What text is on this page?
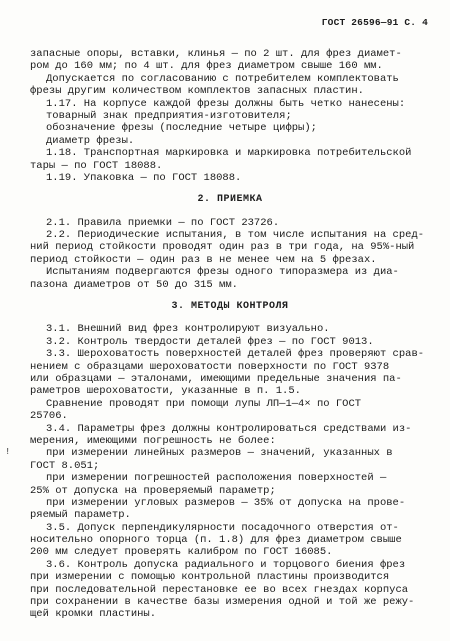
ГОСТ 26596—91 С. 4
!
запасные опоры, вставки, клинья — по 2 шт. для фрез диамет-
ром до 160 мм; по 4 шт. для фрез диаметром свыше 160 мм.
Допускается по согласованию с потребителем комплектовать
фрезы другим количеством комплектов запасных пластин.
1.17. На корпусе каждой фрезы должны быть четко нанесены:
товарный знак предприятия-изготовителя;
обозначение фрезы (последние четыре цифры);
диаметр фрезы.
1.18. Транспортная маркировка и маркировка потребительской
тары — по ГОСТ 18088.
1.19. Упаковка — по ГОСТ 18088.
2. ПРИЕМКА
2.1. Правила приемки — по ГОСТ 23726.
2.2. Периодические испытания, в том числе испытания на сред-
ний период стойкости проводят один раз в три года, на 95%-ный
период стойкости — один раз в не менее чем на 5 фрезах.
Испытаниям подвергаются фрезы одного типоразмера из диа-
пазона диаметров от 50 до 315 мм.
3. МЕТОДЫ КОНТРОЛЯ
3.1. Внешний вид фрез контролируют визуально.
3.2. Контроль твердости деталей фрез — по ГОСТ 9013.
3.3. Шероховатость поверхностей деталей фрез проверяют срав-
нением с образцами шероховатости поверхности по ГОСТ 9378
или образцами — эталонами, имеющими предельные значения па-
раметров шероховатости, указанные в п. 1.5.
Сравнение проводят при помощи лупы ЛП—1—4× по ГОСТ
25706.
3.4. Параметры фрез должны контролироваться средствами из-
мерения, имеющими погрешность не более:
при измерении линейных размеров — значений, указанных в
ГОСТ 8.051;
при измерении погрешностей расположения поверхностей —
25% от допуска на проверяемый параметр;
при измерении угловых размеров — 35% от допуска на прове-
ряемый параметр.
3.5. Допуск перпендикулярности посадочного отверстия от-
носительно опорного торца (п. 1.8) для фрез диаметром свыше
200 мм следует проверять калибром по ГОСТ 16085.
3.6. Контроль допуска радиального и торцового биения фрез
при измерении с помощью контрольной пластины производится
при последовательной перестановке ее во всех гнездах корпуса
при сохранении в качестве базы измерения одной и той же режу-
щей кромки пластины.
